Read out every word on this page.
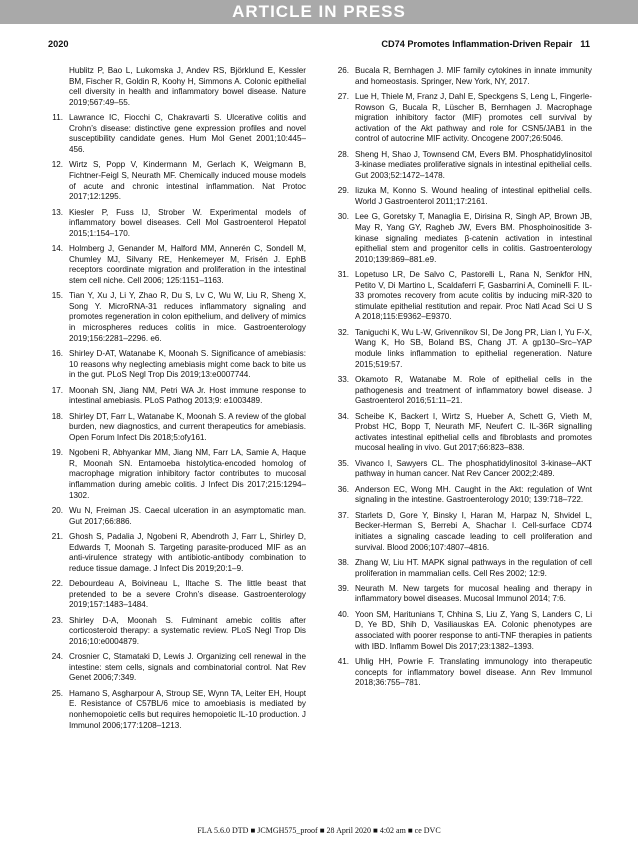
ARTICLE IN PRESS
2020	CD74 Promotes Inflammation-Driven Repair 11
Hublitz P, Bao L, Lukomska J, Andev RS, Björklund E, Kessler BM, Fischer R, Goldin R, Koohy H, Simmons A. Colonic epithelial cell diversity in health and inflammatory bowel disease. Nature 2019;567:49–55.
11. Lawrance IC, Fiocchi C, Chakravarti S. Ulcerative colitis and Crohn’s disease: distinctive gene expression profiles and novel susceptibility candidate genes. Hum Mol Genet 2001;10:445–456.
12. Wirtz S, Popp V, Kindermann M, Gerlach K, Weigmann B, Fichtner-Feigl S, Neurath MF. Chemically induced mouse models of acute and chronic intestinal inflammation. Nat Protoc 2017;12:1295.
13. Kiesler P, Fuss IJ, Strober W. Experimental models of inflammatory bowel diseases. Cell Mol Gastroenterol Hepatol 2015;1:154–170.
14. Holmberg J, Genander M, Halford MM, Annerén C, Sondell M, Chumley MJ, Silvany RE, Henkemeyer M, Frisén J. EphB receptors coordinate migration and proliferation in the intestinal stem cell niche. Cell 2006; 125:1151–1163.
15. Tian Y, Xu J, Li Y, Zhao R, Du S, Lv C, Wu W, Liu R, Sheng X, Song Y. MicroRNA-31 reduces inflammatory signaling and promotes regeneration in colon epithelium, and delivery of mimics in microspheres reduces colitis in mice. Gastroenterology 2019;156:2281–2296. e6.
16. Shirley D-AT, Watanabe K, Moonah S. Significance of amebiasis: 10 reasons why neglecting amebiasis might come back to bite us in the gut. PLoS Negl Trop Dis 2019;13:e0007744.
17. Moonah SN, Jiang NM, Petri WA Jr. Host immune response to intestinal amebiasis. PLoS Pathog 2013;9: e1003489.
18. Shirley DT, Farr L, Watanabe K, Moonah S. A review of the global burden, new diagnostics, and current therapeutics for amebiasis. Open Forum Infect Dis 2018;5:ofy161.
19. Ngobeni R, Abhyankar MM, Jiang NM, Farr LA, Samie A, Haque R, Moonah SN. Entamoeba histolytica-encoded homolog of macrophage migration inhibitory factor contributes to mucosal inflammation during amebic colitis. J Infect Dis 2017;215:1294–1302.
20. Wu N, Freiman JS. Caecal ulceration in an asymptomatic man. Gut 2017;66:886.
21. Ghosh S, Padalia J, Ngobeni R, Abendroth J, Farr L, Shirley D, Edwards T, Moonah S. Targeting parasite-produced MIF as an anti-virulence strategy with antibiotic-antibody combination to reduce tissue damage. J Infect Dis 2019;20:1–9.
22. Debourdeau A, Boivineau L, Iltache S. The little beast that pretended to be a severe Crohn’s disease. Gastroenterology 2019;157:1483–1484.
23. Shirley D-A, Moonah S. Fulminant amebic colitis after corticosteroid therapy: a systematic review. PLoS Negl Trop Dis 2016;10:e0004879.
24. Crosnier C, Stamataki D, Lewis J. Organizing cell renewal in the intestine: stem cells, signals and combinatorial control. Nat Rev Genet 2006;7:349.
25. Hamano S, Asgharpour A, Stroup SE, Wynn TA, Leiter EH, Houpt E. Resistance of C57BL/6 mice to amoebiasis is mediated by nonhemopoietic cells but requires hemopoietic IL-10 production. J Immunol 2006;177:1208–1213.
26. Bucala R, Bernhagen J. MIF family cytokines in innate immunity and homeostasis. Springer, New York, NY, 2017.
27. Lue H, Thiele M, Franz J, Dahl E, Speckgens S, Leng L, Fingerle-Rowson G, Bucala R, Lüscher B, Bernhagen J. Macrophage migration inhibitory factor (MIF) promotes cell survival by activation of the Akt pathway and role for CSN5/JAB1 in the control of autocrine MIF activity. Oncogene 2007;26:5046.
28. Sheng H, Shao J, Townsend CM, Evers BM. Phosphatidylinositol 3-kinase mediates proliferative signals in intestinal epithelial cells. Gut 2003;52:1472–1478.
29. Iizuka M, Konno S. Wound healing of intestinal epithelial cells. World J Gastroenterol 2011;17:2161.
30. Lee G, Goretsky T, Managlia E, Dirisina R, Singh AP, Brown JB, May R, Yang GY, Ragheb JW, Evers BM. Phosphoinositide 3-kinase signaling mediates β-catenin activation in intestinal epithelial stem and progenitor cells in colitis. Gastroenterology 2010;139:869–881.e9.
31. Lopetuso LR, De Salvo C, Pastorelli L, Rana N, Senkfor HN, Petito V, Di Martino L, Scaldaferri F, Gasbarrini A, Cominelli F. IL-33 promotes recovery from acute colitis by inducing miR-320 to stimulate epithelial restitution and repair. Proc Natl Acad Sci U S A 2018;115:E9362–E9370.
32. Taniguchi K, Wu L-W, Grivennikov SI, De Jong PR, Lian I, Yu F-X, Wang K, Ho SB, Boland BS, Chang JT. A gp130–Src–YAP module links inflammation to epithelial regeneration. Nature 2015;519:57.
33. Okamoto R, Watanabe M. Role of epithelial cells in the pathogenesis and treatment of inflammatory bowel disease. J Gastroenterol 2016;51:11–21.
34. Scheibe K, Backert I, Wirtz S, Hueber A, Schett G, Vieth M, Probst HC, Bopp T, Neurath MF, Neufert C. IL-36R signalling activates intestinal epithelial cells and fibroblasts and promotes mucosal healing in vivo. Gut 2017;66:823–838.
35. Vivanco I, Sawyers CL. The phosphatidylinositol 3-kinase–AKT pathway in human cancer. Nat Rev Cancer 2002;2:489.
36. Anderson EC, Wong MH. Caught in the Akt: regulation of Wnt signaling in the intestine. Gastroenterology 2010; 139:718–722.
37. Starlets D, Gore Y, Binsky I, Haran M, Harpaz N, Shvidel L, Becker-Herman S, Berrebi A, Shachar I. Cell-surface CD74 initiates a signaling cascade leading to cell proliferation and survival. Blood 2006;107:4807–4816.
38. Zhang W, Liu HT. MAPK signal pathways in the regulation of cell proliferation in mammalian cells. Cell Res 2002; 12:9.
39. Neurath M. New targets for mucosal healing and therapy in inflammatory bowel diseases. Mucosal Immunol 2014; 7:6.
40. Yoon SM, Haritunians T, Chhina S, Liu Z, Yang S, Landers C, Li D, Ye BD, Shih D, Vasiliauskas EA. Colonic phenotypes are associated with poorer response to anti-TNF therapies in patients with IBD. Inflamm Bowel Dis 2017;23:1382–1393.
41. Uhlig HH, Powrie F. Translating immunology into therapeutic concepts for inflammatory bowel disease. Ann Rev Immunol 2018;36:755–781.
FLA 5.6.0 DTD ■ JCMGH575_proof ■ 28 April 2020 ■ 4:02 am ■ ce DVC
